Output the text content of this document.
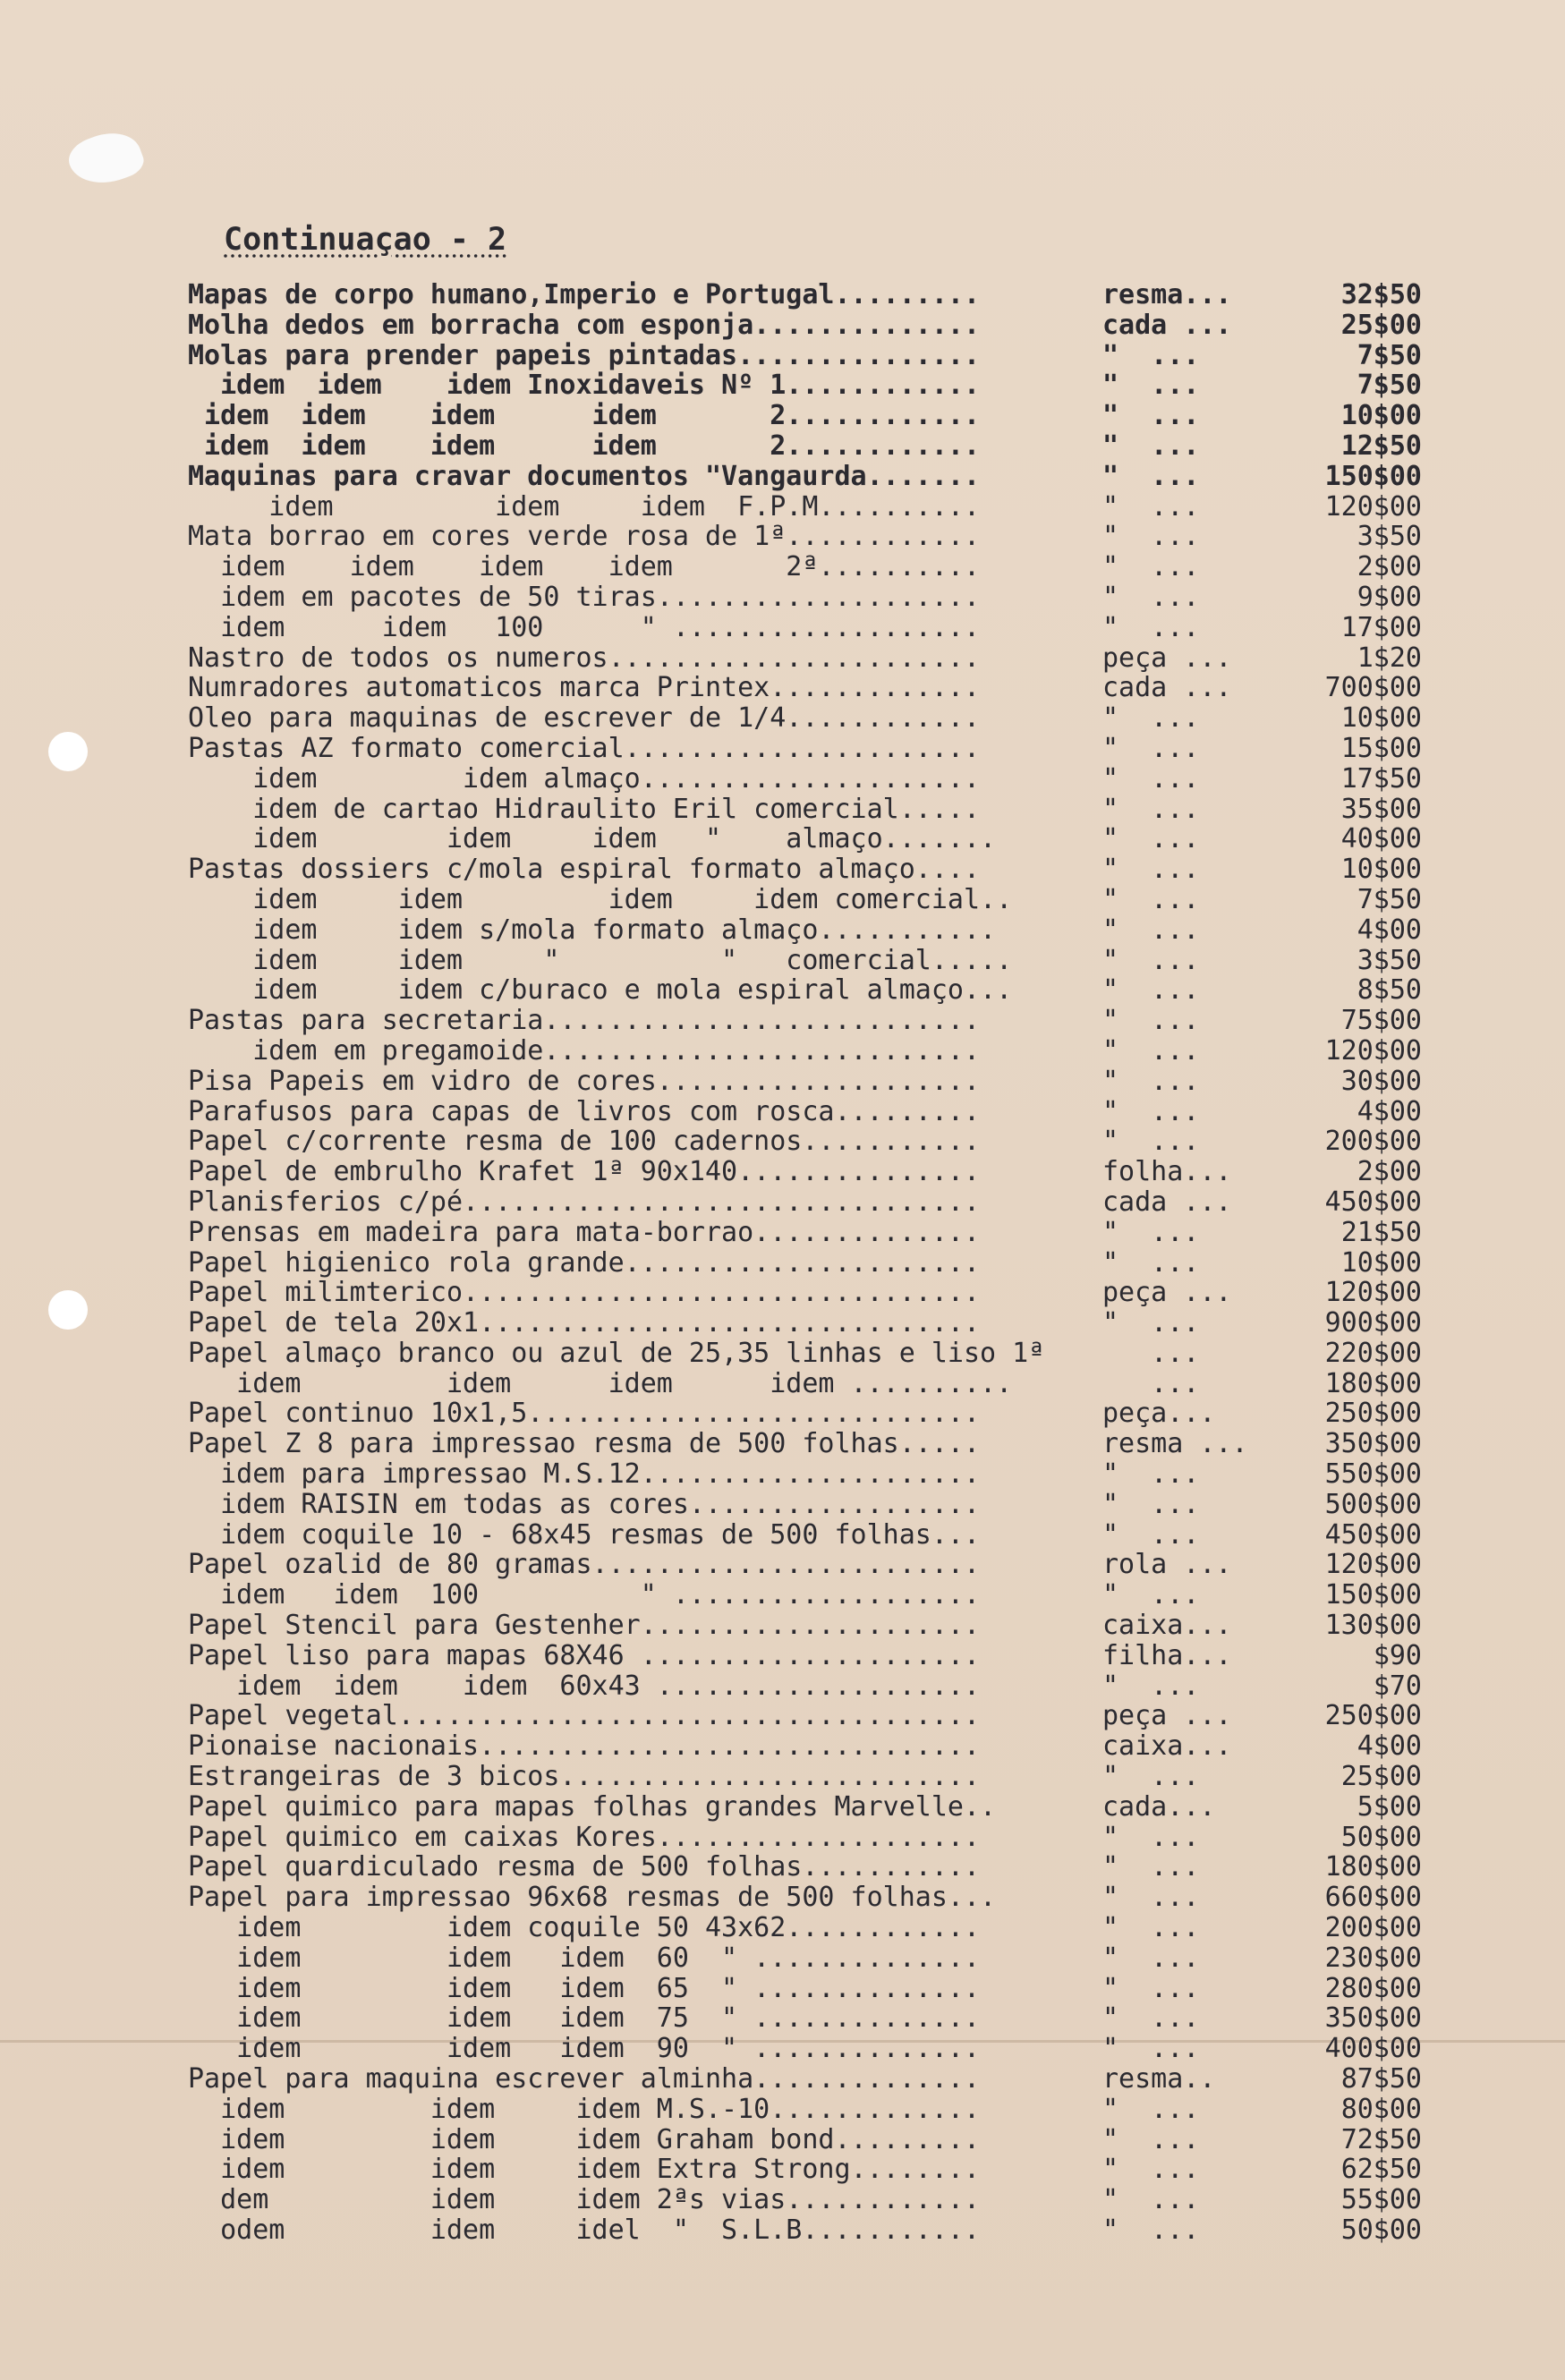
Continuaçao - 2
Mapas de corpo humano,Imperio e Portugal.........	resma...	32$50
Molha dedos em borracha com esponja..............	cada ...	25$00
Molas para prender papeis pintadas...............	"  ...	7$50
idem  idem    idem Inoxidaveis Nº 1............	"  ...	7$50
idem  idem    idem      idem       2............	"  ...	10$00
idem  idem    idem      idem       2............	"  ...	12$50
Maquinas para cravar documentos "Vangaurda.......	"  ...	150$00
idem          idem     idem  F.P.M..........	"  ...	120$00
Mata borrao em cores verde rosa de 1ª............	"  ...	3$50
idem    idem    idem    idem       2ª..........	"  ...	2$00
idem em pacotes de 50 tiras....................	"  ...	9$00
idem      idem   100      " ...................	"  ...	17$00
Nastro de todos os numeros.......................	peça ...	1$20
Numradores automaticos marca Printex.............	cada ...	700$00
Oleo para maquinas de escrever de 1/4............	"  ...	10$00
Pastas AZ formato comercial......................	"  ...	15$00
idem         idem almaço.....................	"  ...	17$50
idem de cartao Hidraulito Eril comercial.....	"  ...	35$00
idem        idem     idem   "    almaço.......	"  ...	40$00
Pastas dossiers c/mola espiral formato almaço....	"  ...	10$00
idem     idem         idem     idem comercial..	"  ...	7$50
idem     idem s/mola formato almaço...........	"  ...	4$00
idem     idem     "          "   comercial.....	"  ...	3$50
idem     idem c/buraco e mola espiral almaço...	"  ...	8$50
Pastas para secretaria...........................	"  ...	75$00
idem em pregamoide...........................	"  ...	120$00
Pisa Papeis em vidro de cores....................	"  ...	30$00
Parafusos para capas de livros com rosca.........	"  ...	4$00
Papel c/corrente resma de 100 cadernos...........	"  ...	200$00
Papel de embrulho Krafet 1ª 90x140...............	folha...	2$00
Planisferios c/pé................................	cada ...	450$00
Prensas em madeira para mata-borrao..............	"  ...	21$50
Papel higienico rola grande......................	"  ...	10$00
Papel milimterico................................	peça ...	120$00
Papel de tela 20x1...............................	"  ...	900$00
Papel almaço branco ou azul de 25,35 linhas e liso 1ª	...	220$00
idem         idem      idem      idem ..........	...	180$00
Papel continuo 10x1,5............................	peça...	250$00
Papel Z 8 para impressao resma de 500 folhas.....	resma ...	350$00
idem para impressao M.S.12.....................	"  ...	550$00
idem RAISIN em todas as cores..................	"  ...	500$00
idem coquile 10 - 68x45 resmas de 500 folhas...	"  ...	450$00
Papel ozalid de 80 gramas........................	rola ...	120$00
idem   idem  100          " ...................	"  ...	150$00
Papel Stencil para Gestenher.....................	caixa...	130$00
Papel liso para mapas 68X46 .....................	filha...	$90
idem  idem    idem  60x43 ....................	"  ...	$70
Papel vegetal....................................	peça ...	250$00
Pionaise nacionais...............................	caixa...	4$00
Estrangeiras de 3 bicos..........................	"  ...	25$00
Papel quimico para mapas folhas grandes Marvelle..	cada...	5$00
Papel quimico em caixas Kores....................	"  ...	50$00
Papel quardiculado resma de 500 folhas...........	"  ...	180$00
Papel para impressao 96x68 resmas de 500 folhas...	"  ...	660$00
idem         idem coquile 50 43x62............	"  ...	200$00
idem         idem   idem  60  " ..............	"  ...	230$00
idem         idem   idem  65  " ..............	"  ...	280$00
idem         idem   idem  75  " ..............	"  ...	350$00
idem         idem   idem  90  " ..............	"  ...	400$00
Papel para maquina escrever alminha..............	resma..	87$50
idem         idem     idem M.S.-10.............	"  ...	80$00
idem         idem     idem Graham bond.........	"  ...	72$50
idem         idem     idem Extra Strong........	"  ...	62$50
dem          idem     idem 2ªs vias............	"  ...	55$00
odem         idem     idel  "  S.L.B...........	"  ...	50$00
